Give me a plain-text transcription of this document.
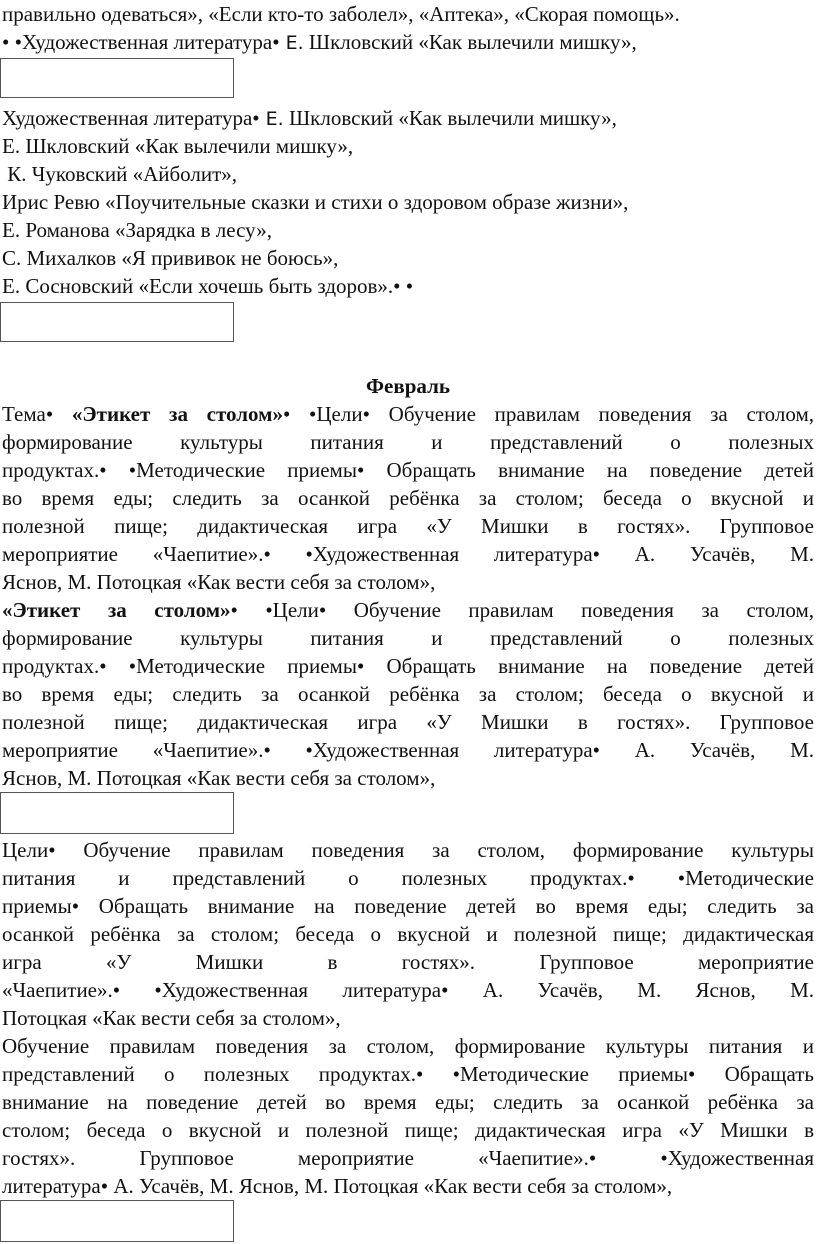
правильно одеваться», «Если кто-то заболел», «Аптека», «Скорая помощь».
• •Художественная литература• Е. Шкловский «Как вылечили мишку»,
Художественная литература• Е. Шкловский «Как вылечили мишку»,
Е. Шкловский «Как вылечили мишку»,
К. Чуковский «Айболит»,
Ирис Ревю «Поучительные сказки и стихи о здоровом образе жизни»,
Е. Романова «Зарядка в лесу»,
С. Михалков «Я прививок не боюсь»,
Е. Сосновский «Если хочешь быть здоров».• •
Февраль
Тема• «Этикет за столом»• •Цели• Обучение правилам поведения за столом,
формирование культуры питания и представлений о полезных
продуктах.• •Методические приемы• Обращать внимание на поведение детей
во время еды; следить за осанкой ребёнка за столом; беседа о вкусной и
полезной пище; дидактическая игра «У Мишки в гостях». Групповое
мероприятие «Чаепитие».• •Художественная литература• А. Усачёв, М.
Яснов, М. Потоцкая «Как вести себя за столом»,
«Этикет за столом»• •Цели• Обучение правилам поведения за столом,
формирование культуры питания и представлений о полезных
продуктах.• •Методические приемы• Обращать внимание на поведение детей
во время еды; следить за осанкой ребёнка за столом; беседа о вкусной и
полезной пище; дидактическая игра «У Мишки в гостях». Групповое
мероприятие «Чаепитие».• •Художественная литература• А. Усачёв, М.
Яснов, М. Потоцкая «Как вести себя за столом»,
Цели• Обучение правилам поведения за столом, формирование культуры
питания и представлений о полезных продуктах.• •Методические
приемы• Обращать внимание на поведение детей во время еды; следить за
осанкой ребёнка за столом; беседа о вкусной и полезной пище; дидактическая
игра «У Мишки в гостях». Групповое мероприятие
«Чаепитие».• •Художественная литература• А. Усачёв, М. Яснов, М.
Потоцкая «Как вести себя за столом»,
Обучение правилам поведения за столом, формирование культуры питания и
представлений о полезных продуктах.• •Методические приемы• Обращать
внимание на поведение детей во время еды; следить за осанкой ребёнка за
столом; беседа о вкусной и полезной пище; дидактическая игра «У Мишки в
гостях». Групповое мероприятие «Чаепитие».• •Художественная
литература• А. Усачёв, М. Яснов, М. Потоцкая «Как вести себя за столом»,
